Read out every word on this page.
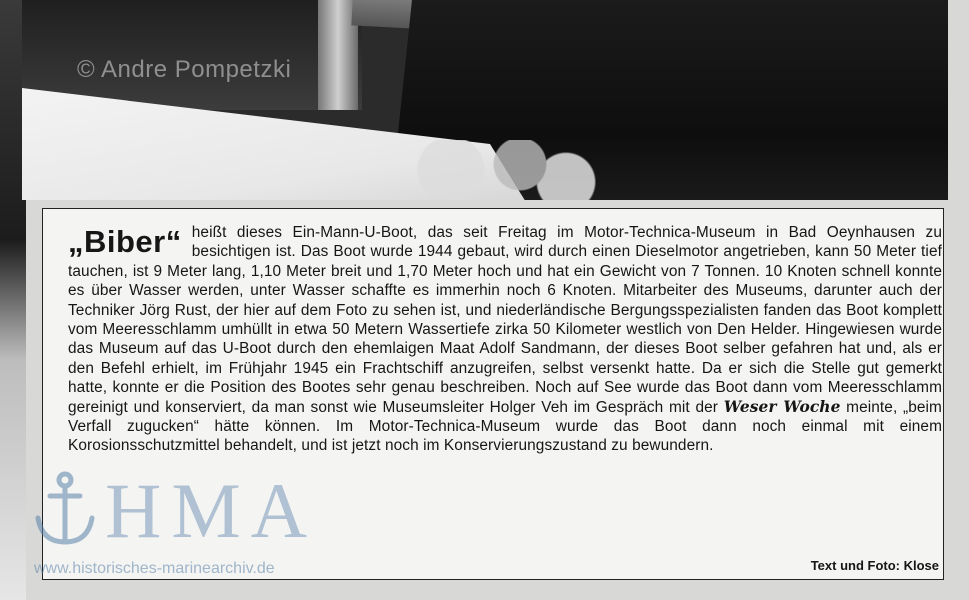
© Andre Pompetzki
„Biber“ heißt dieses Ein-Mann-U-Boot, das seit Freitag im Motor-Technica-Museum in Bad Oeynhausen zu besichtigen ist. Das Boot wurde 1944 gebaut, wird durch einen Dieselmotor angetrieben, kann 50 Meter tief tauchen, ist 9 Meter lang, 1,10 Meter breit und 1,70 Meter hoch und hat ein Gewicht von 7 Tonnen. 10 Knoten schnell konnte es über Wasser werden, unter Wasser schaffte es immerhin noch 6 Knoten. Mitarbeiter des Museums, darunter auch der Techniker Jörg Rust, der hier auf dem Foto zu sehen ist, und niederländische Bergungsspezialisten fanden das Boot komplett vom Meeresschlamm umhüllt in etwa 50 Metern Wassertiefe zirka 50 Kilometer westlich von Den Helder. Hingewiesen wurde das Museum auf das U-Boot durch den ehemlaigen Maat Adolf Sandmann, der dieses Boot selber gefahren hat und, als er den Befehl erhielt, im Frühjahr 1945 ein Frachtschiff anzugreifen, selbst versenkt hatte. Da er sich die Stelle gut gemerkt hatte, konnte er die Position des Bootes sehr genau beschreiben. Noch auf See wurde das Boot dann vom Meeresschlamm gereinigt und konserviert, da man sonst wie Museumsleiter Holger Veh im Gespräch mit der Weser Woche meinte, „beim Verfall zugucken“ hätte können. Im Motor-Technica-Museum wurde das Boot dann noch einmal mit einem Korosionsschutzmittel behandelt, und ist jetzt noch im Konservierungszustand zu bewundern.
Text und Foto: Klose
HMA
www.historisches-marinearchiv.de
